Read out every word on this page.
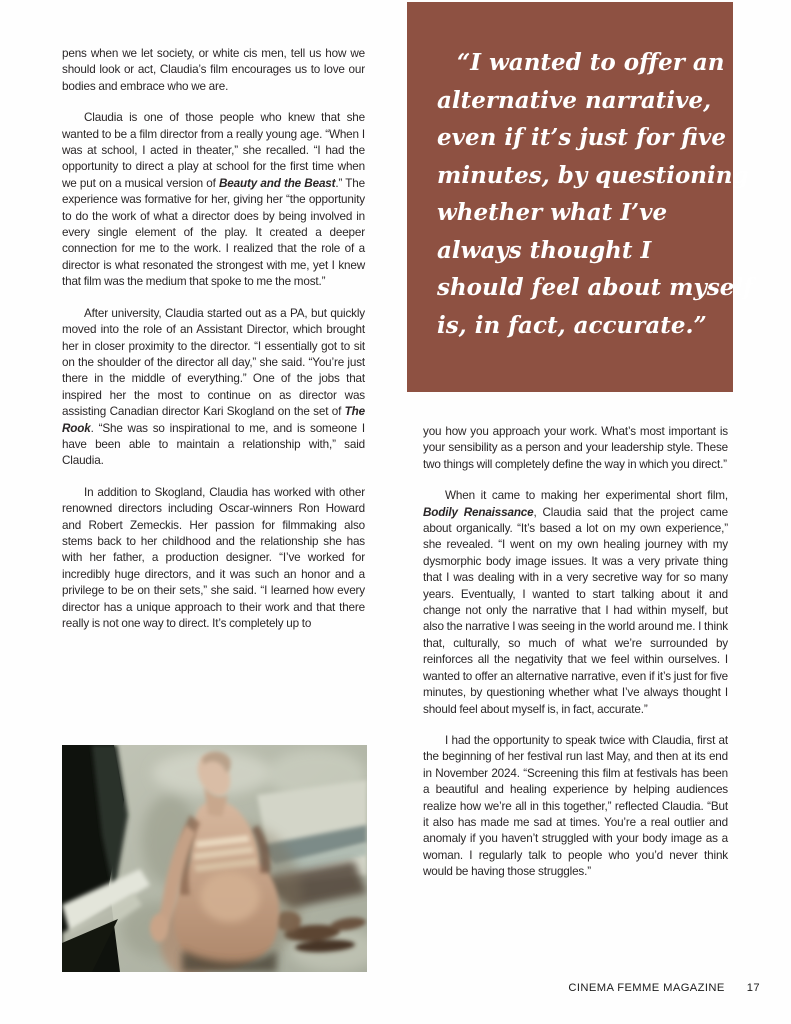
pens when we let society, or white cis men, tell us how we should look or act, Claudia’s film encourages us to love our bodies and embrace who we are.

Claudia is one of those people who knew that she wanted to be a film director from a really young age. “When I was at school, I acted in theater,” she recalled. “I had the opportunity to direct a play at school for the first time when we put on a musical version of Beauty and the Beast.” The experience was formative for her, giving her “the opportunity to do the work of what a director does by being involved in every single element of the play. It created a deeper connection for me to the work. I realized that the role of a director is what resonated the strongest with me, yet I knew that film was the medium that spoke to me the most.”

After university, Claudia started out as a PA, but quickly moved into the role of an Assistant Director, which brought her in closer proximity to the director. “I essentially got to sit on the shoulder of the director all day,” she said. “You’re just there in the middle of everything.” One of the jobs that inspired her the most to continue on as director was assisting Canadian director Kari Skogland on the set of The Rook. “She was so inspirational to me, and is someone I have been able to maintain a relationship with,” said Claudia.

In addition to Skogland, Claudia has worked with other renowned directors including Oscar-winners Ron Howard and Robert Zemeckis. Her passion for filmmaking also stems back to her childhood and the relationship she has with her father, a production designer. “I’ve worked for incredibly huge directors, and it was such an honor and a privilege to be on their sets,” she said. “I learned how every director has a unique approach to their work and that there really is not one way to direct. It’s completely up to

“I wanted to offer an
alternative narrative,
even if it’s just for five
minutes, by questioning
whether what I’ve
always thought I
should feel about myself
is, in fact, accurate.”

you how you approach your work. What’s most important is your sensibility as a person and your leadership style. These two things will completely define the way in which you direct.”

When it came to making her experimental short film, Bodily Renaissance, Claudia said that the project came about organically. “It’s based a lot on my own experience,” she revealed. “I went on my own healing journey with my dysmorphic body image issues. It was a very private thing that I was dealing with in a very secretive way for so many years. Eventually, I wanted to start talking about it and change not only the narrative that I had within myself, but also the narrative I was seeing in the world around me. I think that, culturally, so much of what we’re surrounded by reinforces all the negativity that we feel within ourselves. I wanted to offer an alternative narrative, even if it’s just for five minutes, by questioning whether what I’ve always thought I should feel about myself is, in fact, accurate.”

I had the opportunity to speak twice with Claudia, first at the beginning of her festival run last May, and then at its end in November 2024. “Screening this film at festivals has been a beautiful and healing experience by helping audiences realize how we’re all in this together,” reflected Claudia. “But it also has made me sad at times. You’re a real outlier and anomaly if you haven’t struggled with your body image as a woman. I regularly talk to people who you’d never think would be having those struggles.”

CINEMA FEMME MAGAZINE 17
